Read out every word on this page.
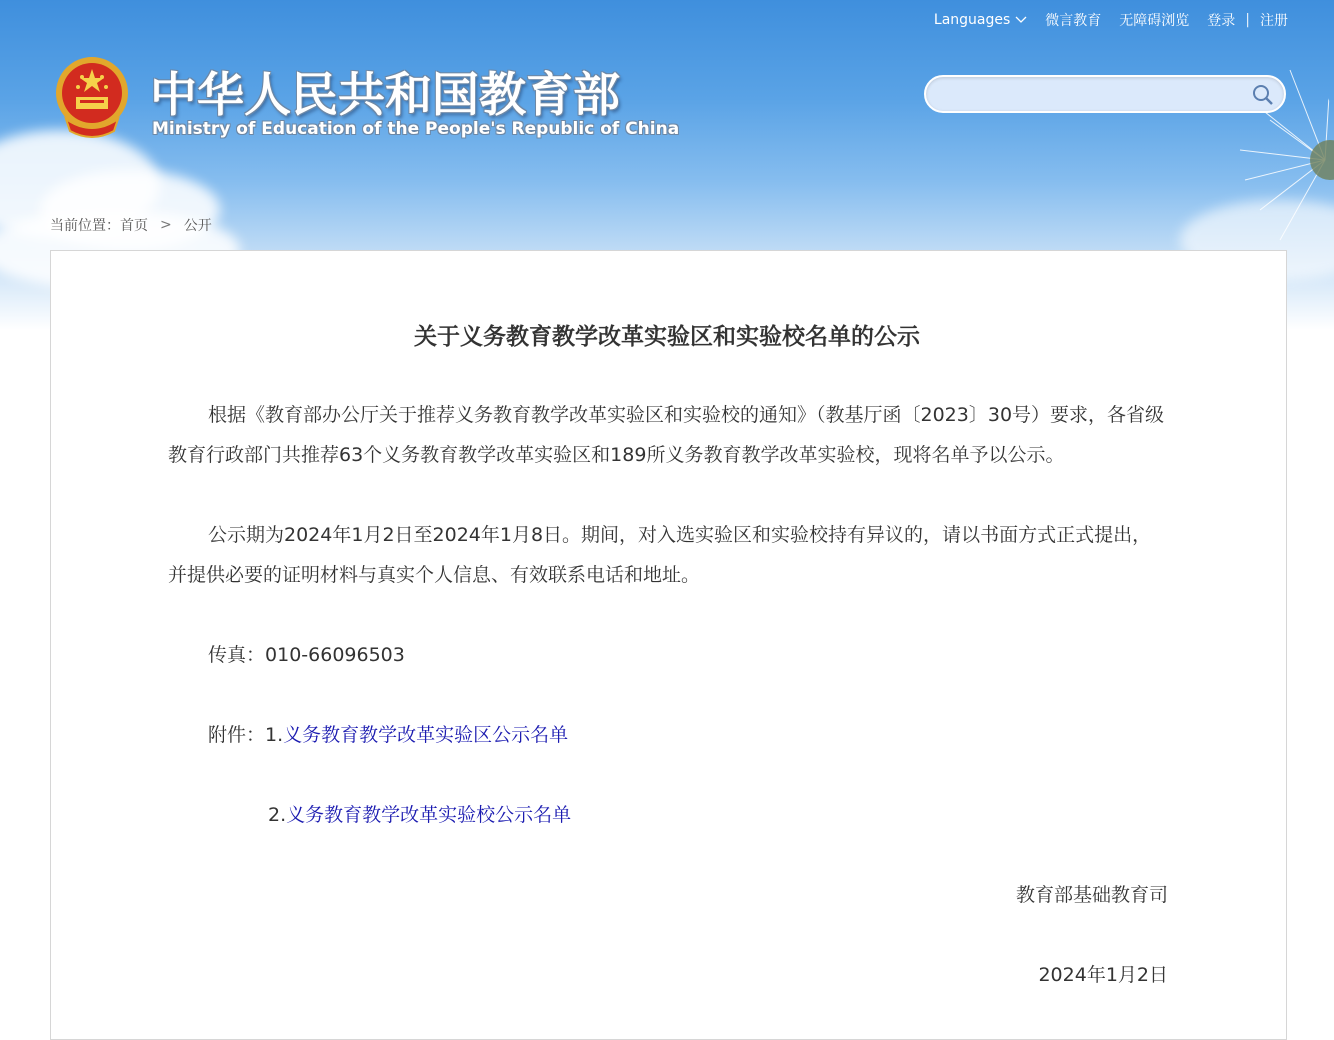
Languages	微言教育 无障碍浏览 登录 | 注册
中华人民共和国教育部
Ministry of Education of the People's Republic of China
当前位置： 首页 > 公开
关于义务教育教学改革实验区和实验校名单的公示
根据《教育部办公厅关于推荐义务教育教学改革实验区和实验校的通知》（教基厅函〔2023〕30号）要求，各省级教育行政部门共推荐63个义务教育教学改革实验区和189所义务教育教学改革实验校，现将名单予以公示。
公示期为2024年1月2日至2024年1月8日。期间，对入选实验区和实验校持有异议的，请以书面方式正式提出，并提供必要的证明材料与真实个人信息、有效联系电话和地址。
传真：010-66096503
附件：1.义务教育教学改革实验区公示名单
2.义务教育教学改革实验校公示名单
教育部基础教育司
2024年1月2日
